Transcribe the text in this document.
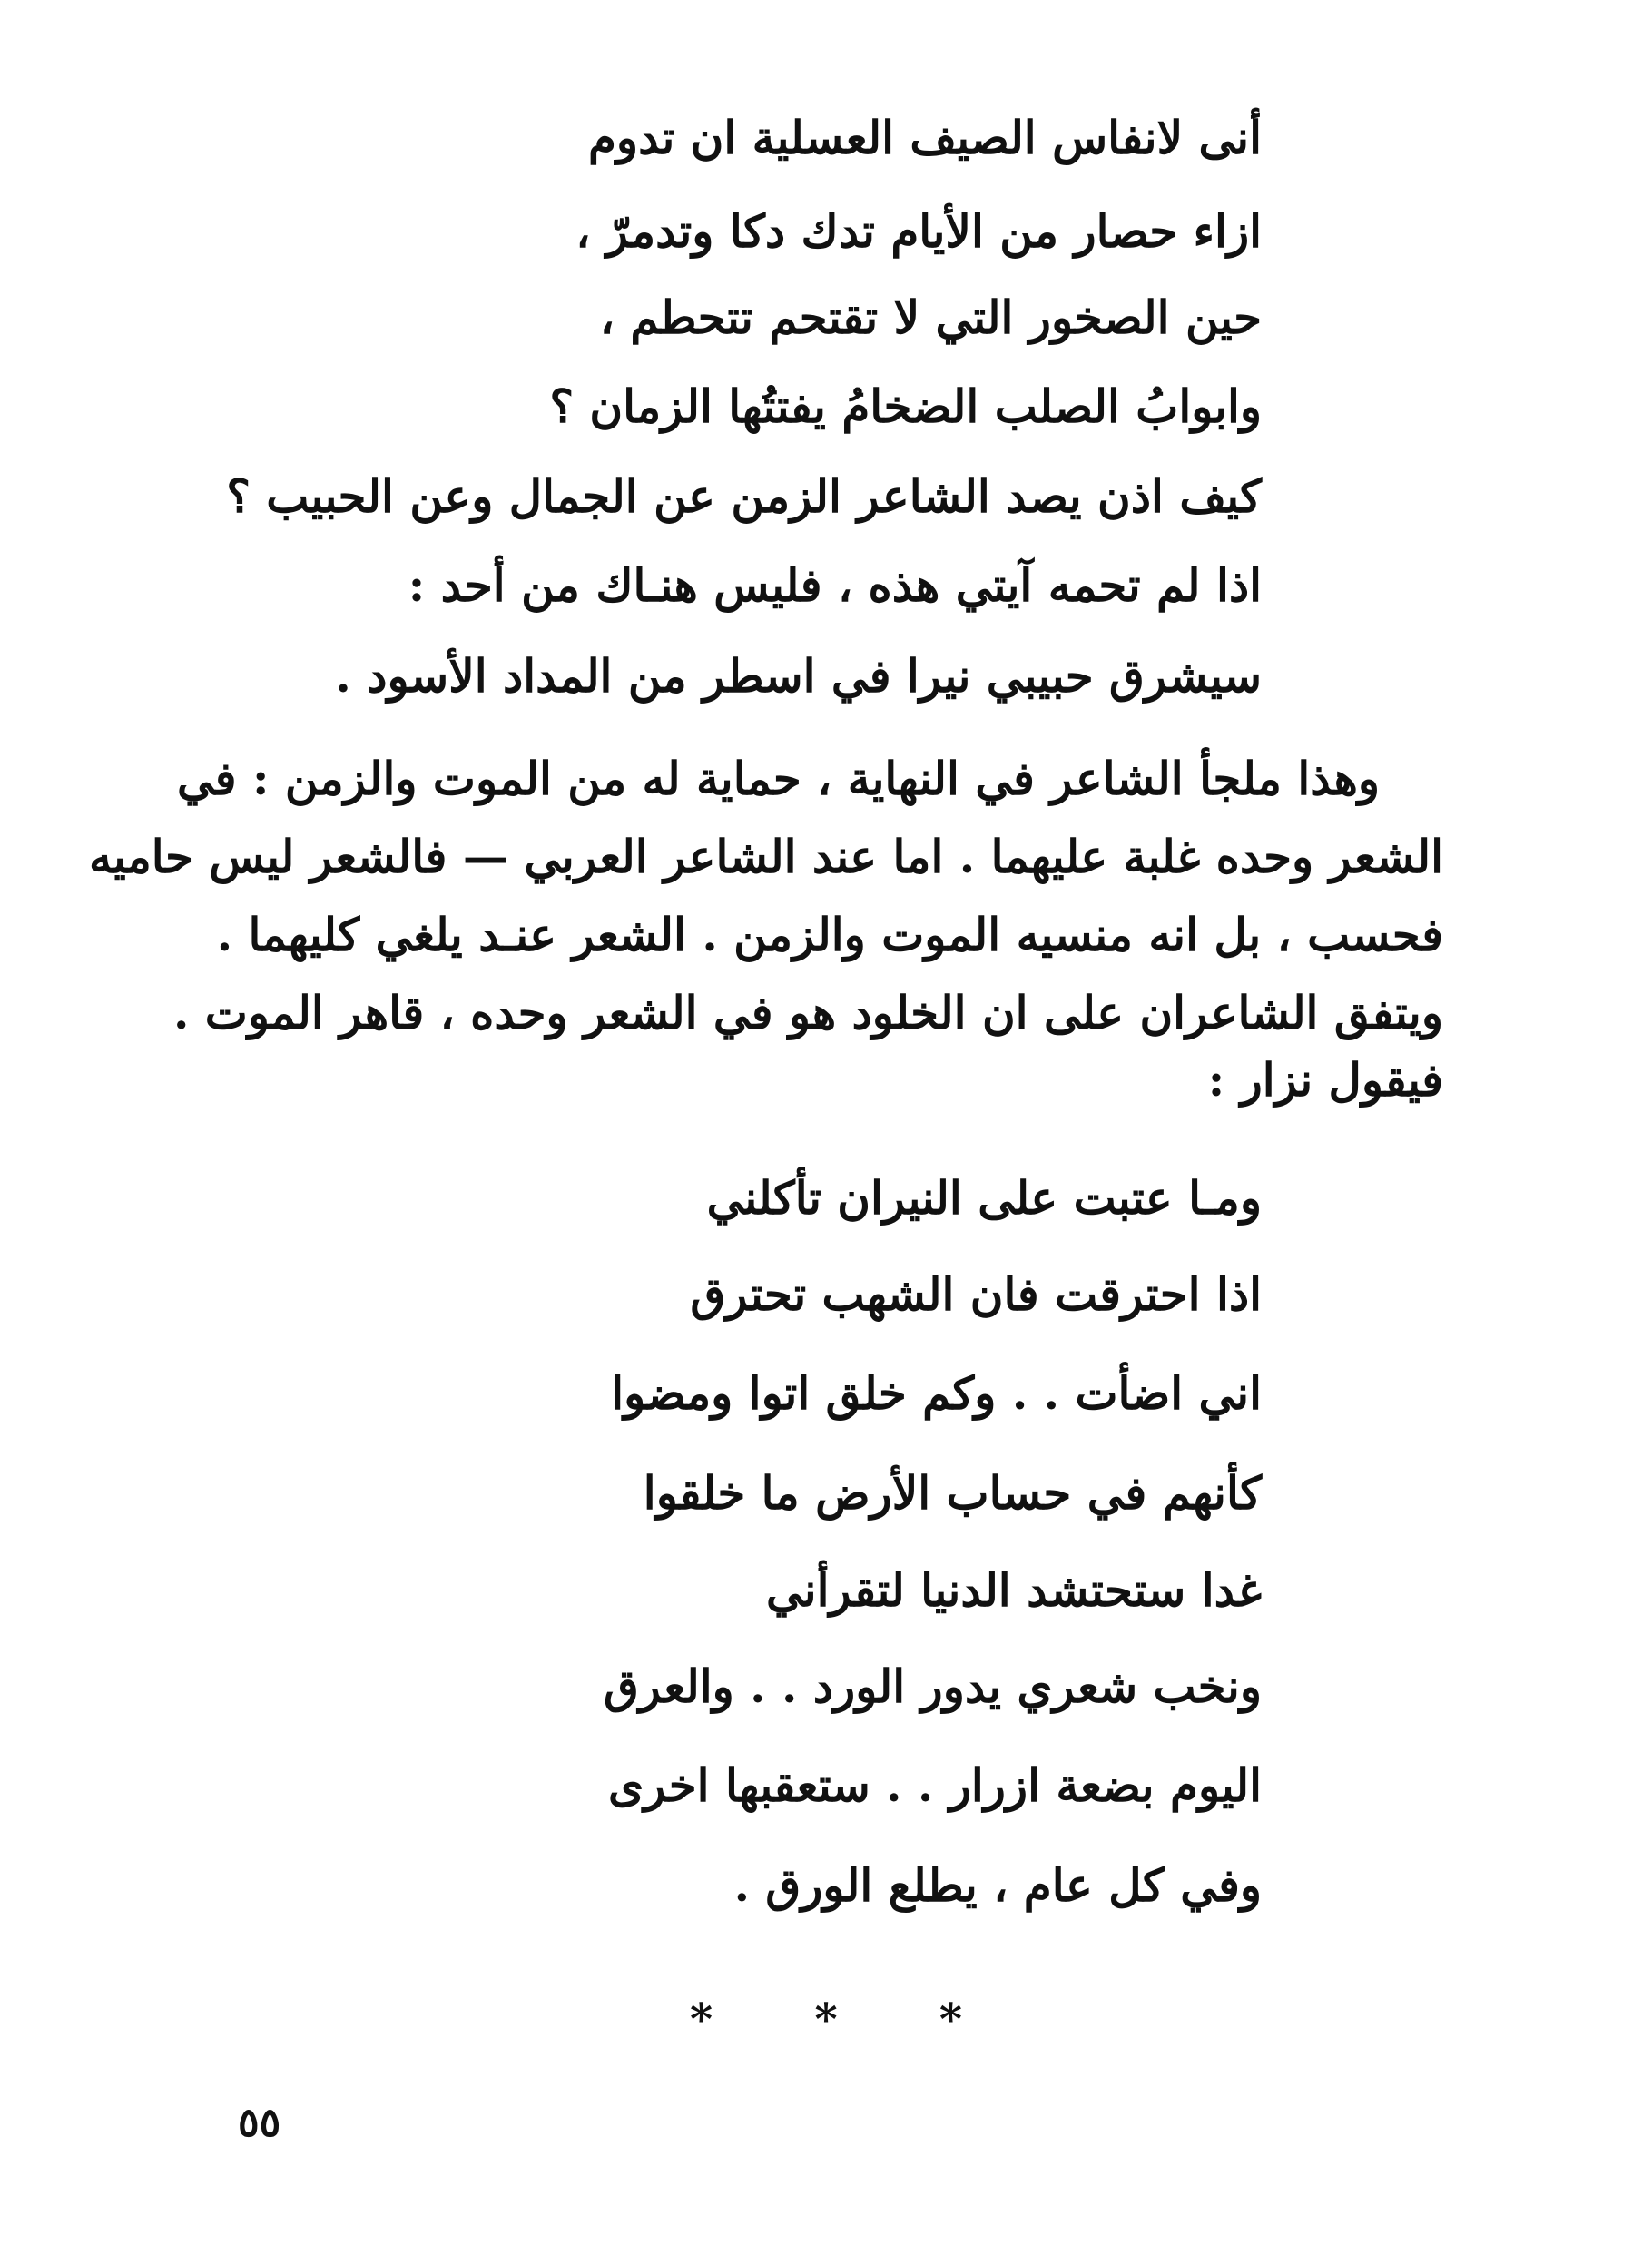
أنى لانفاس الصيف العسلية ان تدوم
ازاء حصار من الأيام تدك دكا وتدمرّ ،
حين الصخور التي لا تقتحم تتحطم ،
وابوابُ الصلب الضخامُ يفتتُها الزمان ؟
كيف اذن يصد الشاعر الزمن عن الجمال وعن الحبيب ؟
اذا لم تحمه آيتي هذه ، فليس هنـاك من أحد :
سيشرق حبيبي نيرا في اسطر من المداد الأسود .
وهذا ملجأ الشاعر في النهاية ، حماية له من الموت والزمن : في
الشعر وحده غلبة عليهما . اما عند الشاعر العربي — فالشعر ليس حاميه
فحسب ، بل انه منسيه الموت والزمن . الشعر عنـد يلغي كليهما .
ويتفق الشاعران على ان الخلود هو في الشعر وحده ، قاهر الموت .
فيقول نزار :
ومـا عتبت على النيران تأكلني
اذا احترقت فان الشهب تحترق
اني اضأت . . وكم خلق اتوا ومضوا
كأنهم في حساب الأرض ما خلقوا
غدا ستحتشد الدنيا لتقرأني
ونخب شعري يدور الورد . . والعرق
اليوم بضعة ازرار . . ستعقبها اخرى
وفي كل عام ، يطلع الورق .
* * *
٥٥
